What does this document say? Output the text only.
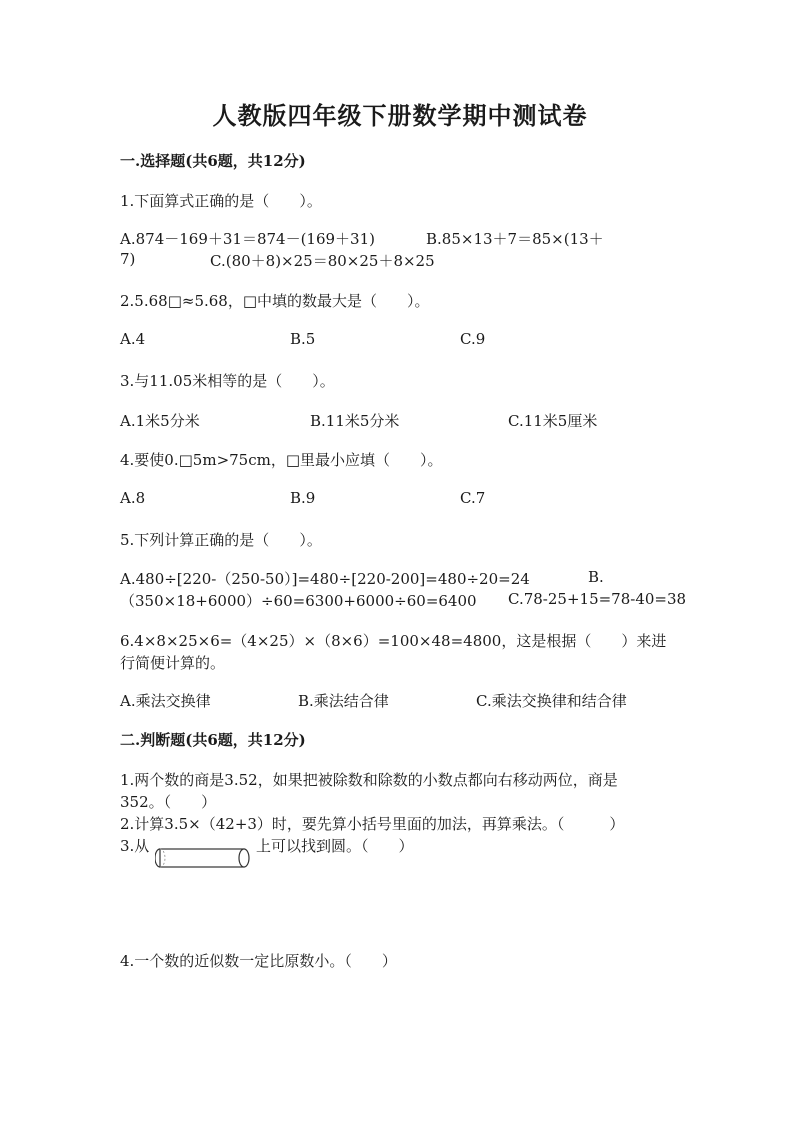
人教版四年级下册数学期中测试卷
一.选择题(共6题，共12分)
1.下面算式正确的是（　　）。
A.874－169＋31＝874－(169＋31)	B.85×13＋7＝85×(13＋
7)	C.(80＋8)×25＝80×25＋8×25
2.5.68□≈5.68，□中填的数最大是（　　）。
A.4	B.5	C.9
3.与11.05米相等的是（　　）。
A.1米5分米	B.11米5分米	C.11米5厘米
4.要使0.□5m>75cm，□里最小应填（　　）。
A.8	B.9	C.7
5.下列计算正确的是（　　）。
A.480÷[220-（250-50）]=480÷[220-200]=480÷20=24	B.
（350×18+6000）÷60=6300+6000÷60=6400 C.78-25+15=78-40=38
6.4×8×25×6=（4×25）×（8×6）=100×48=4800，这是根据（　　）来进
行简便计算的。
A.乘法交换律	B.乘法结合律	C.乘法交换律和结合律
二.判断题(共6题，共12分)
1.两个数的商是3.52，如果把被除数和除数的小数点都向右移动两位，商是
352。（　　）
2.计算3.5×（42+3）时，要先算小括号里面的加法，再算乘法。（　　　）
3.从	上可以找到圆。（　　）
4.一个数的近似数一定比原数小。（　　）
